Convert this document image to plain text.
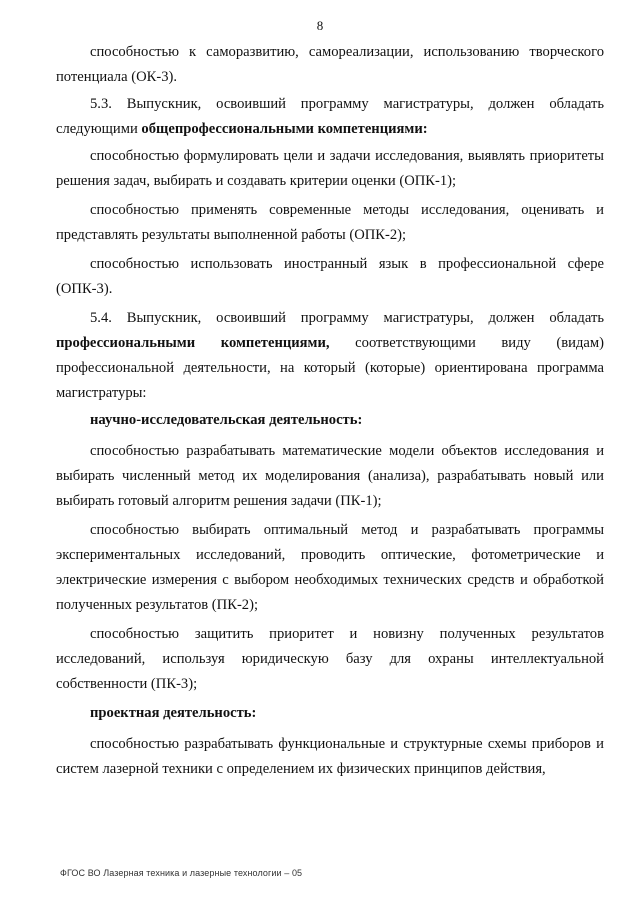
8

способностью к саморазвитию, самореализации, использованию творческого потенциала (ОК-3).

5.3. Выпускник, освоивший программу магистратуры, должен обладать следующими общепрофессиональными компетенциями:

способностью формулировать цели и задачи исследования, выявлять приоритеты решения задач, выбирать и создавать критерии оценки (ОПК-1);

способностью применять современные методы исследования, оценивать и представлять результаты выполненной работы (ОПК-2);

способностью использовать иностранный язык в профессиональной сфере (ОПК-3).

5.4. Выпускник, освоивший программу магистратуры, должен обладать профессиональными компетенциями, соответствующими виду (видам) профессиональной деятельности, на который (которые) ориентирована программа магистратуры:

научно-исследовательская деятельность:

способностью разрабатывать математические модели объектов исследования и выбирать численный метод их моделирования (анализа), разрабатывать новый или выбирать готовый алгоритм решения задачи (ПК-1);

способностью выбирать оптимальный метод и разрабатывать программы экспериментальных исследований, проводить оптические, фотометрические и электрические измерения с выбором необходимых технических средств и обработкой полученных результатов (ПК-2);

способностью защитить приоритет и новизну полученных результатов исследований, используя юридическую базу для охраны интеллектуальной собственности (ПК-3);

проектная деятельность:

способностью разрабатывать функциональные и структурные схемы приборов и систем лазерной техники с определением их физических принципов действия,

ФГОС ВО Лазерная техника и лазерные технологии – 05
